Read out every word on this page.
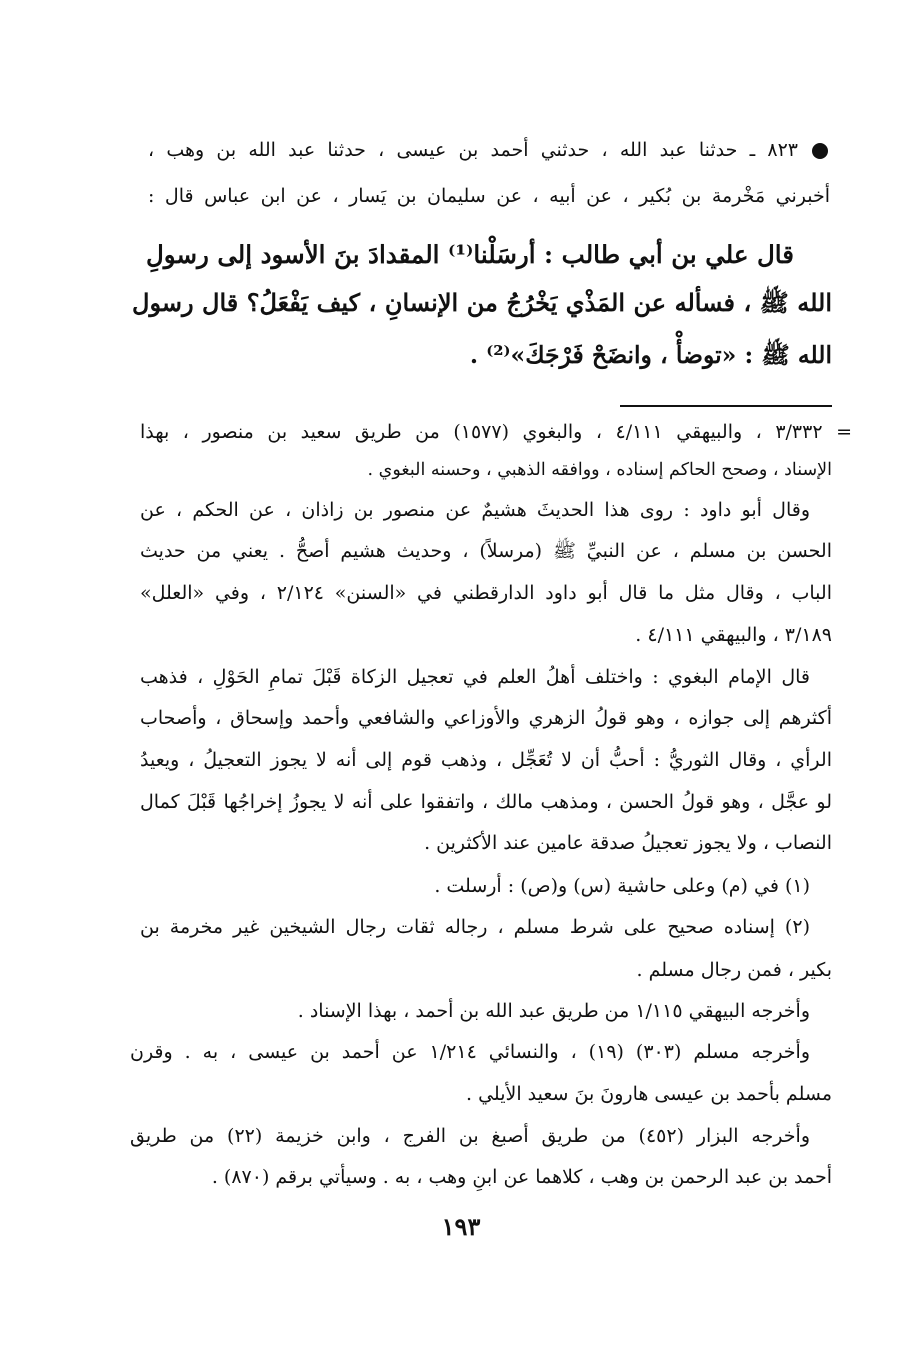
٨٢٣ ـ حدثنا عبد الله ، حدثني أحمد بن عيسى ، حدثنا عبد الله بن وهب ،
أخبرني مَخْرمة بن بُكير ، عن أبيه ، عن سليمان بن يَسار ، عن ابن عباس قال :
قال علي بن أبي طالب : أرسَلْنا⁽¹⁾ المقدادَ بنَ الأسود إلى رسولِ
الله ﷺ ، فسأله عن المَذْي يَخْرُجُ من الإنسانِ ، كيف يَفْعَلُ؟ قال رسول
الله ﷺ : «توضأْ ، وانضَحْ فَرْجَكَ»⁽²⁾ .
= ٣/٣٣٢ ، والبيهقي ٤/١١١ ، والبغوي (١٥٧٧) من طريق سعيد بن منصور ، بهذا
الإسناد ، وصحح الحاكم إسناده ، ووافقه الذهبي ، وحسنه البغوي .
وقال أبو داود : روى هذا الحديثَ هشيمٌ عن منصور بن زاذان ، عن الحكم ، عن
الحسن بن مسلم ، عن النبيِّ ﷺ (مرسلاً) ، وحديث هشيم أصحُّ . يعني من حديث
الباب ، وقال مثل ما قال أبو داود الدارقطني في «السنن» ٢/١٢٤ ، وفي «العلل»
٣/١٨٩ ، والبيهقي ٤/١١١ .
قال الإمام البغوي : واختلف أهلُ العلم في تعجيل الزكاة قَبْلَ تمامِ الحَوْلِ ، فذهب
أكثرهم إلى جوازه ، وهو قولُ الزهري والأوزاعي والشافعي وأحمد وإسحاق ، وأصحاب
الرأي ، وقال الثوريُّ : أحبُّ أن لا تُعَجِّل ، وذهب قوم إلى أنه لا يجوز التعجيلُ ، ويعيدُ
لو عجَّل ، وهو قولُ الحسن ، ومذهب مالك ، واتفقوا على أنه لا يجوزُ إخراجُها قَبْلَ كمال
النصاب ، ولا يجوز تعجيلُ صدقة عامين عند الأكثرين .
(١) في (م) وعلى حاشية (س) و(ص) : أرسلت .
(٢) إسناده صحيح على شرط مسلم ، رجاله ثقات رجال الشيخين غير مخرمة بن
بكير ، فمن رجال مسلم .
وأخرجه البيهقي ١/١١٥ من طريق عبد الله بن أحمد ، بهذا الإسناد .
وأخرجه مسلم (٣٠٣) (١٩) ، والنسائي ١/٢١٤ عن أحمد بن عيسى ، به . وقرن
مسلم بأحمد بن عيسى هارونَ بنَ سعيد الأيلي .
وأخرجه البزار (٤٥٢) من طريق أصبغ بن الفرج ، وابن خزيمة (٢٢) من طريق
أحمد بن عبد الرحمن بن وهب ، كلاهما عن ابنِ وهب ، به . وسيأتي برقم (٨٧٠) .
١٩٣
